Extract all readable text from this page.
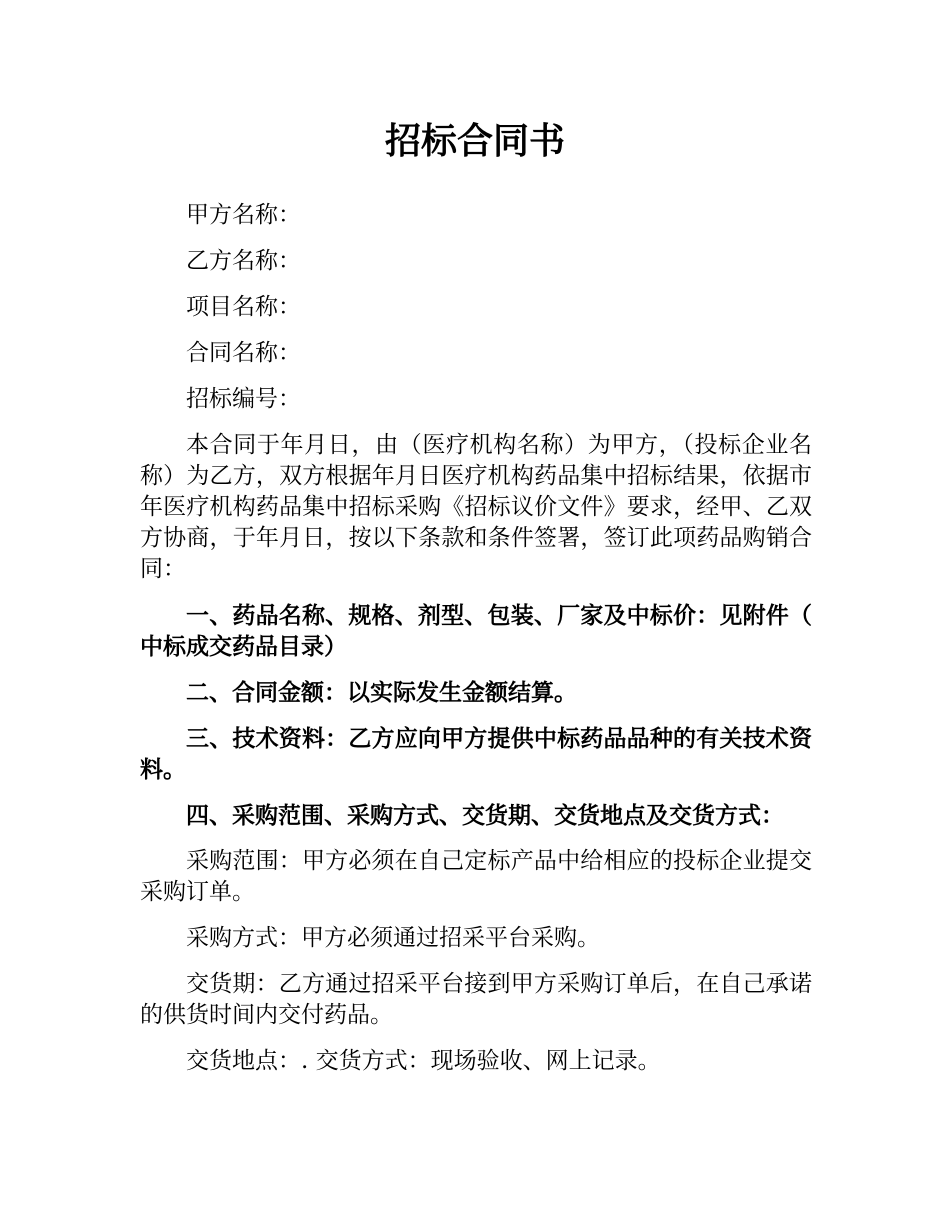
招标合同书

甲方名称：

乙方名称：

项目名称：

合同名称：

招标编号：

本合同于年月日，由（医疗机构名称）为甲方，（投标企业名称）为乙方，双方根据年月日医疗机构药品集中招标结果，依据市年医疗机构药品集中招标采购《招标议价文件》要求，经甲、乙双方协商，于年月日，按以下条款和条件签署，签订此项药品购销合同：

一、药品名称、规格、剂型、包装、厂家及中标价：见附件（中标成交药品目录）

二、合同金额：以实际发生金额结算。

三、技术资料：乙方应向甲方提供中标药品品种的有关技术资料。

四、采购范围、采购方式、交货期、交货地点及交货方式：

采购范围：甲方必须在自己定标产品中给相应的投标企业提交采购订单。

采购方式：甲方必须通过招采平台采购。

交货期：乙方通过招采平台接到甲方采购订单后，在自己承诺的供货时间内交付药品。

交货地点：. 交货方式：现场验收、网上记录。
